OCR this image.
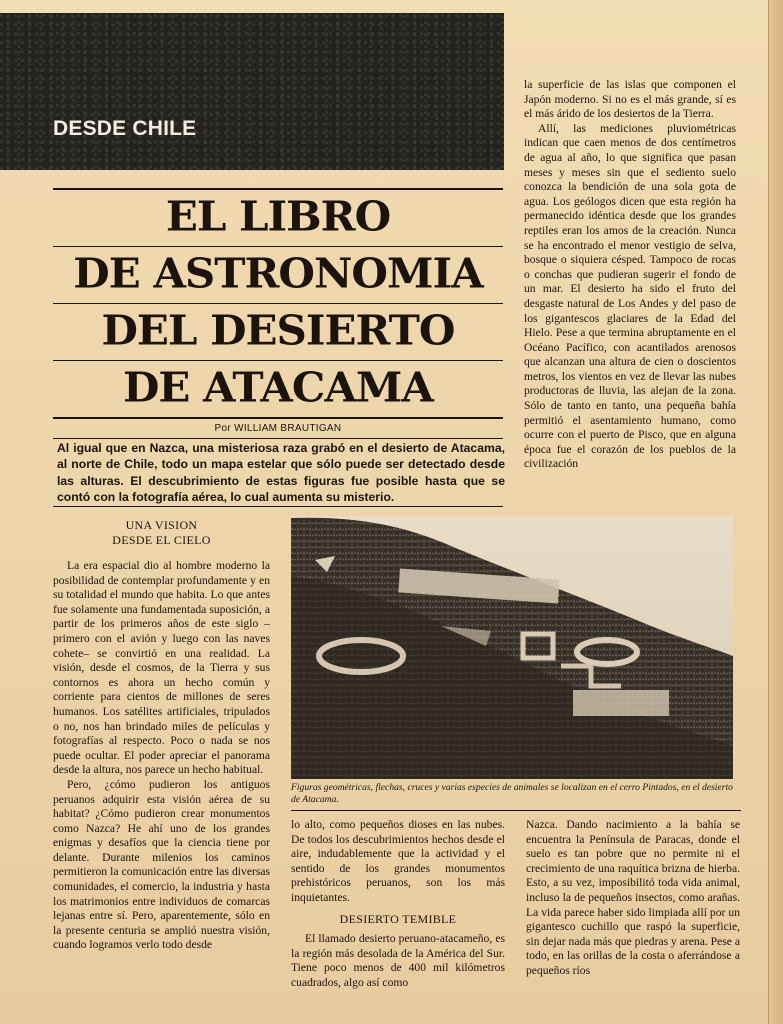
DESDE CHILE
EL LIBRO
DE ASTRONOMIA
DEL DESIERTO
DE ATACAMA
Por WILLIAM BRAUTIGAN
Al igual que en Nazca, una misteriosa raza grabó en el desierto de Atacama, al norte de Chile, todo un mapa estelar que sólo puede ser detectado desde las alturas. El descubrimiento de estas figuras fue posible hasta que se contó con la fotografía aérea, lo cual aumenta su misterio.

la superficie de las islas que componen el Japón moderno. Si no es el más grande, sí es el más árido de los desiertos de la Tierra.

Allí, las mediciones pluviométricas indican que caen menos de dos centímetros de agua al año, lo que significa que pasan meses y meses sin que el sediento suelo conozca la bendición de una sola gota de agua. Los geólogos dicen que esta región ha permanecido idéntica desde que los grandes reptiles eran los amos de la creación. Nunca se ha encontrado el menor vestigio de selva, bosque o siquiera césped. Tampoco de rocas o conchas que pudieran sugerir el fondo de un mar. El desierto ha sido el fruto del desgaste natural de Los Andes y del paso de los gigantescos glaciares de la Edad del Hielo. Pese a que termina abruptamente en el Océano Pacífico, con acantilados arenosos que alcanzan una altura de cien o doscientos metros, los vientos en vez de llevar las nubes productoras de lluvia, las alejan de la zona. Sólo de tanto en tanto, una pequeña bahía permitió el asentamiento humano, como ocurre con el puerto de Pisco, que en alguna época fue el corazón de los pueblos de la civilización

UNA VISION
DESDE EL CIELO

La era espacial dio al hombre moderno la posibilidad de contemplar profundamente y en su totalidad el mundo que habita. Lo que antes fue solamente una fundamentada suposición, a partir de los primeros años de este siglo –primero con el avión y luego con las naves cohete– se convirtió en una realidad. La visión, desde el cosmos, de la Tierra y sus contornos es ahora un hecho común y corriente para cientos de millones de seres humanos. Los satélites artificiales, tripulados o no, nos han brindado miles de películas y fotografías al respecto. Poco o nada se nos puede ocultar. El poder apreciar el panorama desde la altura, nos parece un hecho habitual.

Pero, ¿cómo pudieron los antiguos peruanos adquirir esta visión aérea de su habitat? ¿Cómo pudieron crear monumentos como Nazca? He ahí uno de los grandes enigmas y desafíos que la ciencia tiene por delante. Durante milenios los caminos permitieron la comunicación entre las diversas comunidades, el comercio, la industria y hasta los matrimonios entre individuos de comarcas lejanas entre sí. Pero, aparentemente, sólo en la presente centuria se amplió nuestra visión, cuando logramos verlo todo desde

Figuras geométricas, flechas, cruces y varias especies de animales se localizan en el cerro Pintados, en el desierto de Atacama.

lo alto, como pequeños dioses en las nubes. De todos los descubrimientos hechos desde el aire, indudablemente que la actividad y el sentido de los grandes monumentos prehistóricos peruanos, son los más inquietantes.

DESIERTO TEMIBLE

El llamado desierto peruano-atacameño, es la región más desolada de la América del Sur. Tiene poco menos de 400 mil kilómetros cuadrados, algo así como

Nazca. Dando nacimiento a la bahía se encuentra la Península de Paracas, donde el suelo es tan pobre que no permite ni el crecimiento de una raquítica brizna de hierba. Esto, a su vez, imposibilitó toda vida animal, incluso la de pequeños insectos, como arañas. La vida parece haber sido limpiada allí por un gigantesco cuchillo que raspó la superficie, sin dejar nada más que piedras y arena. Pese a todo, en las orillas de la costa o aferrándose a pequeños ríos
